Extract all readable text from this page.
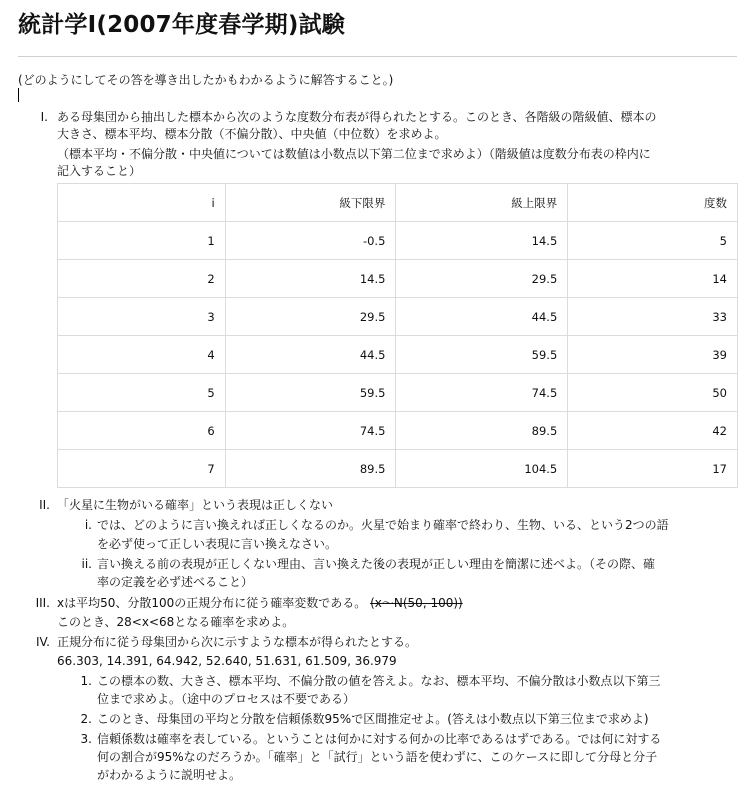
統計学I(2007年度春学期)試験
(どのようにしてその答を導き出したかもわかるように解答すること。)
I. ある母集団から抽出した標本から次のような度数分布表が得られたとする。このとき、各階級の階級値、標本の
大きさ、標本平均、標本分散（不偏分散）、中央値（中位数）を求めよ。
（標本平均・不偏分散・中央値については数値は小数点以下第二位まで求めよ）（階級値は度数分布表の枠内に
記入すること）
i	級下限界	級上限界	度数
1	-0.5	14.5	5
2	14.5	29.5	14
3	29.5	44.5	33
4	44.5	59.5	39
5	59.5	74.5	50
6	74.5	89.5	42
7	89.5	104.5	17
II. 「火星に生物がいる確率」という表現は正しくない
i. では、どのように言い換えれば正しくなるのか。火星で始まり確率で終わり、生物、いる、という2つの語
を必ず使って正しい表現に言い換えなさい。
ii. 言い換える前の表現が正しくない理由、言い換えた後の表現が正しい理由を簡潔に述べよ。（その際、確
率の定義を必ず述べること）
III. xは平均50、分散100の正規分布に従う確率変数である。 (x〜N(50, 100))
このとき、28<x<68となる確率を求めよ。
IV. 正規分布に従う母集団から次に示すような標本が得られたとする。
66.303, 14.391, 64.942, 52.640, 51.631, 61.509, 36.979
1. この標本の数、大きさ、標本平均、不偏分散の値を答えよ。なお、標本平均、不偏分散は小数点以下第三
位まで求めよ。（途中のプロセスは不要である）
2. このとき、母集団の平均と分散を信頼係数95%で区間推定せよ。(答えは小数点以下第三位まで求めよ)
3. 信頼係数は確率を表している。ということは何かに対する何かの比率であるはずである。では何に対する
何の割合が95%なのだろうか。「確率」と「試行」という語を使わずに、このケースに即して分母と分子
がわかるように説明せよ。
